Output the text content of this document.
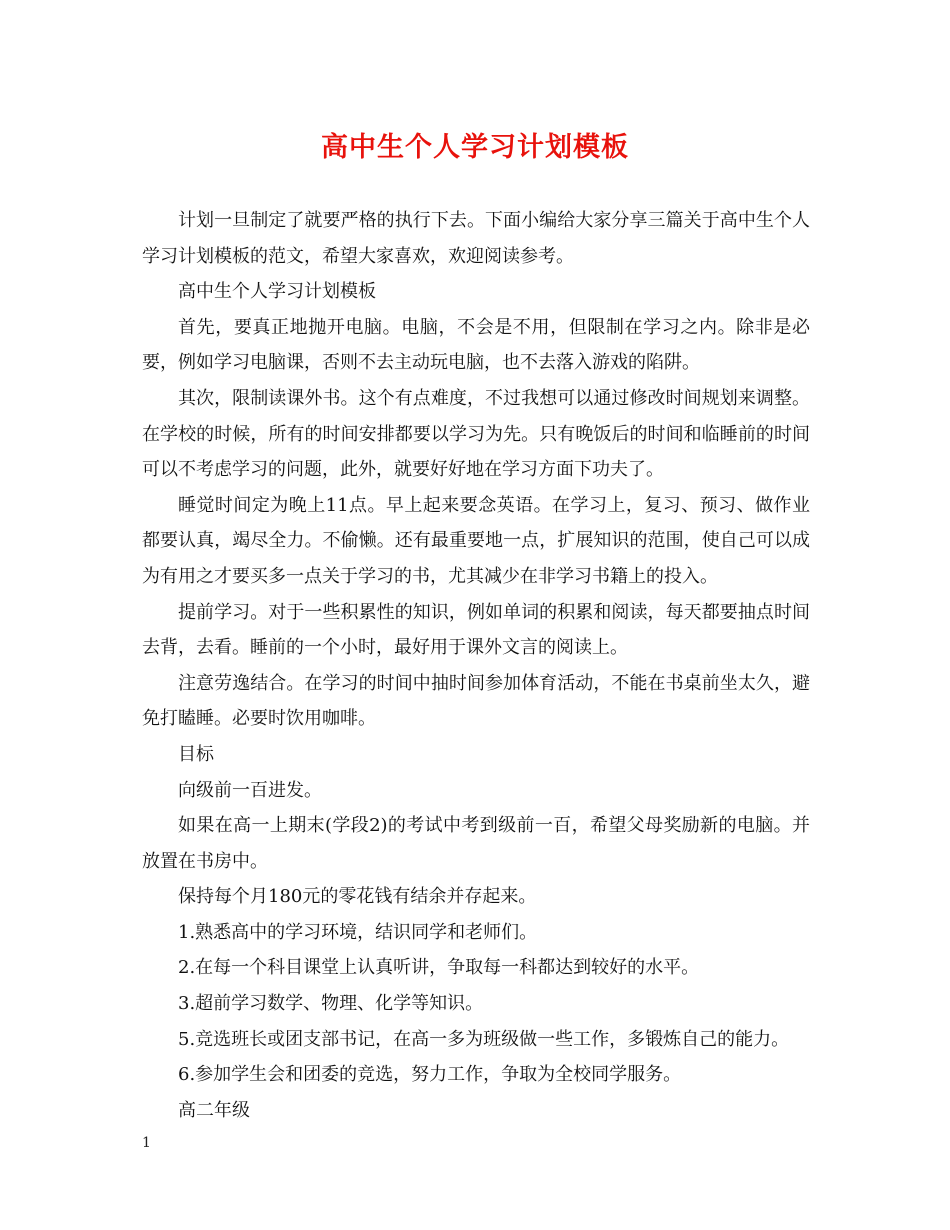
高中生个人学习计划模板

计划一旦制定了就要严格的执行下去。下面小编给大家分享三篇关于高中生个人学习计划模板的范文，希望大家喜欢，欢迎阅读参考。

高中生个人学习计划模板

首先，要真正地抛开电脑。电脑，不会是不用，但限制在学习之内。除非是必要，例如学习电脑课，否则不去主动玩电脑，也不去落入游戏的陷阱。

其次，限制读课外书。这个有点难度，不过我想可以通过修改时间规划来调整。在学校的时候，所有的时间安排都要以学习为先。只有晚饭后的时间和临睡前的时间可以不考虑学习的问题，此外，就要好好地在学习方面下功夫了。

睡觉时间定为晚上11点。早上起来要念英语。在学习上，复习、预习、做作业都要认真，竭尽全力。不偷懒。还有最重要地一点，扩展知识的范围，使自己可以成为有用之才要买多一点关于学习的书，尤其减少在非学习书籍上的投入。

提前学习。对于一些积累性的知识，例如单词的积累和阅读，每天都要抽点时间去背，去看。睡前的一个小时，最好用于课外文言的阅读上。

注意劳逸结合。在学习的时间中抽时间参加体育活动，不能在书桌前坐太久，避免打瞌睡。必要时饮用咖啡。

目标

向级前一百进发。

如果在高一上期末(学段2)的考试中考到级前一百，希望父母奖励新的电脑。并放置在书房中。

保持每个月180元的零花钱有结余并存起来。

1.熟悉高中的学习环境，结识同学和老师们。

2.在每一个科目课堂上认真听讲，争取每一科都达到较好的水平。

3.超前学习数学、物理、化学等知识。

5.竞选班长或团支部书记，在高一多为班级做一些工作，多锻炼自己的能力。

6.参加学生会和团委的竞选，努力工作，争取为全校同学服务。

高二年级

1
